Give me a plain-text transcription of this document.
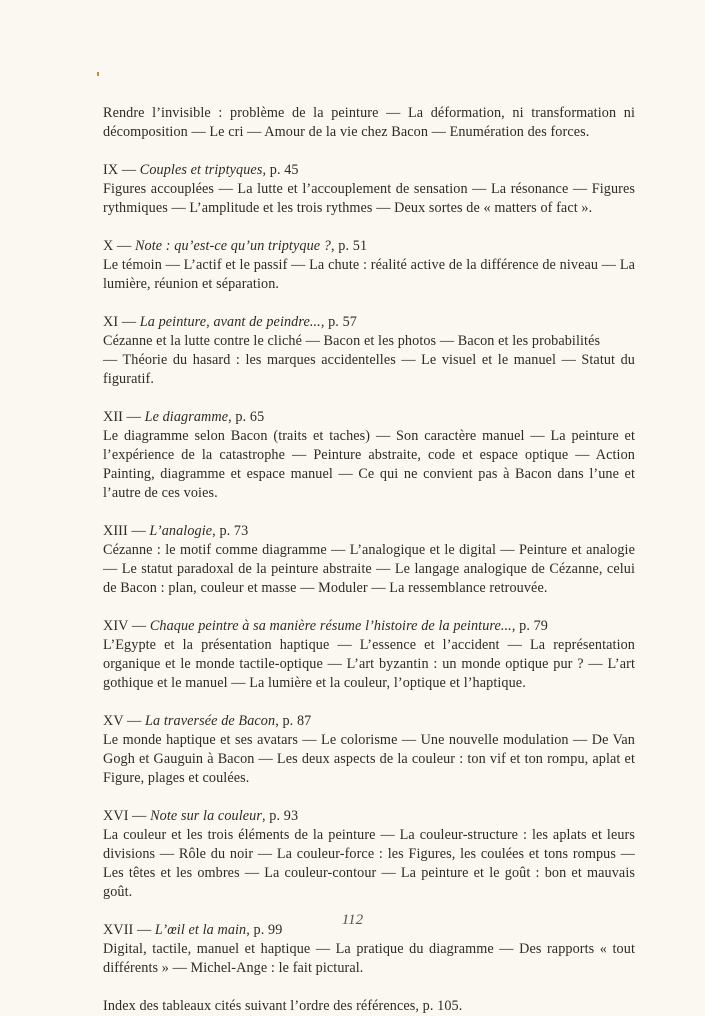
Rendre l’invisible : problème de la peinture — La déformation, ni transformation ni décomposition — Le cri — Amour de la vie chez Bacon — Enumération des forces.

IX — Couples et triptyques, p. 45

Figures accouplées — La lutte et l’accouplement de sensation — La résonance — Figures rythmiques — L’amplitude et les trois rythmes — Deux sortes de « matters of fact ».

X — Note : qu’est-ce qu’un triptyque ?, p. 51

Le témoin — L’actif et le passif — La chute : réalité active de la différence de niveau — La lumière, réunion et séparation.

XI — La peinture, avant de peindre..., p. 57

Cézanne et la lutte contre le cliché — Bacon et les photos — Bacon et les probabilités

— Théorie du hasard : les marques accidentelles — Le visuel et le manuel — Statut du figuratif.

XII — Le diagramme, p. 65

Le diagramme selon Bacon (traits et taches) — Son caractère manuel — La peinture et l’expérience de la catastrophe — Peinture abstraite, code et espace optique — Action Painting, diagramme et espace manuel — Ce qui ne convient pas à Bacon dans l’une et l’autre de ces voies.

XIII — L’analogie, p. 73

Cézanne : le motif comme diagramme — L’analogique et le digital — Peinture et analogie — Le statut paradoxal de la peinture abstraite — Le langage analogique de Cézanne, celui de Bacon : plan, couleur et masse — Moduler — La ressemblance retrouvée.

XIV — Chaque peintre à sa manière résume l’histoire de la peinture..., p. 79

L’Egypte et la présentation haptique — L’essence et l’accident — La représentation organique et le monde tactile-optique — L’art byzantin : un monde optique pur ? — L’art gothique et le manuel — La lumière et la couleur, l’optique et l’haptique.

XV — La traversée de Bacon, p. 87

Le monde haptique et ses avatars — Le colorisme — Une nouvelle modulation — De Van Gogh et Gauguin à Bacon — Les deux aspects de la couleur : ton vif et ton rompu, aplat et Figure, plages et coulées.

XVI — Note sur la couleur, p. 93

La couleur et les trois éléments de la peinture — La couleur-structure : les aplats et leurs divisions — Rôle du noir — La couleur-force : les Figures, les coulées et tons rompus — Les têtes et les ombres — La couleur-contour — La peinture et le goût : bon et mauvais goût.

XVII — L’œil et la main, p. 99

Digital, tactile, manuel et haptique — La pratique du diagramme — Des rapports « tout différents » — Michel-Ange : le fait pictural.

Index des tableaux cités suivant l’ordre des références, p. 105.

112
